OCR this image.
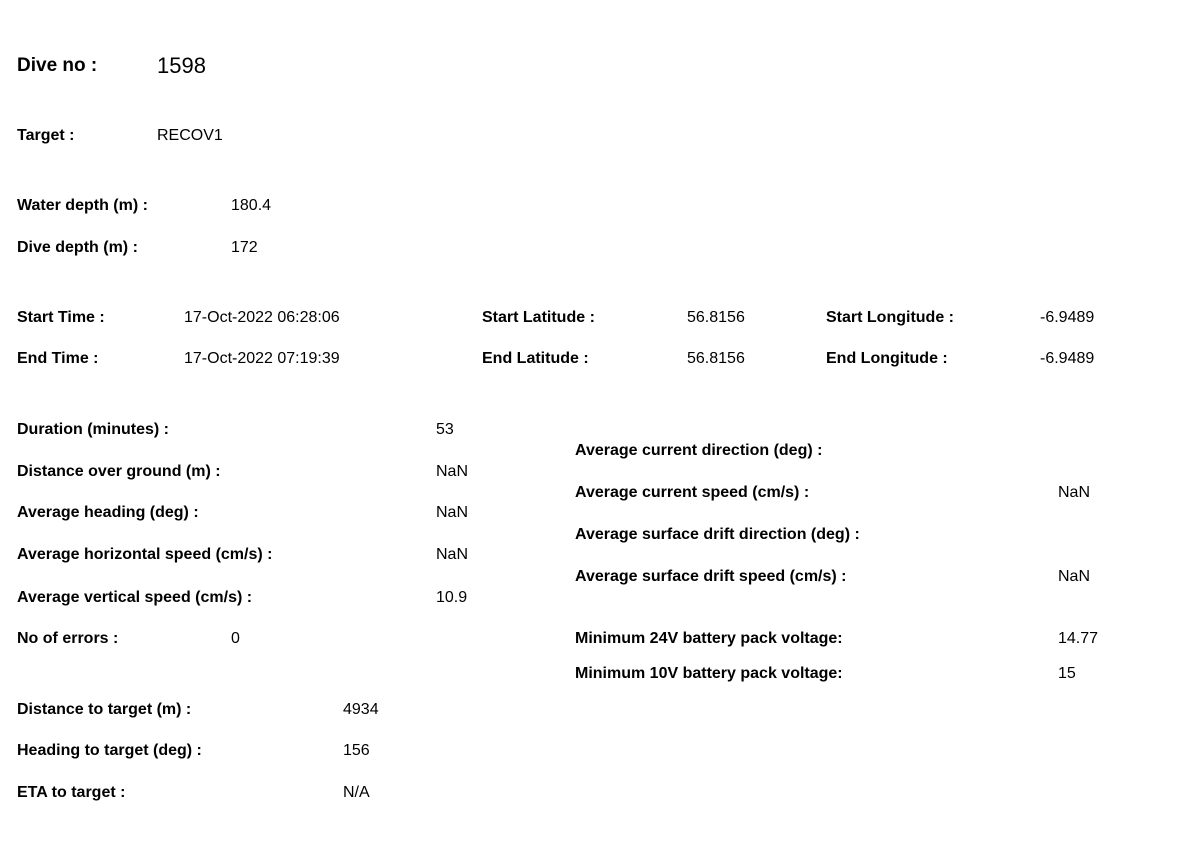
Dive no :	1598
Target :	RECOV1
Water depth (m) :	180.4
Dive depth (m) :	172
Start Time :	17-Oct-2022 06:28:06
End Time :	17-Oct-2022 07:19:39
Start Latitude :	56.8156
End Latitude :	56.8156
Start Longitude :	-6.9489
End Longitude :	-6.9489
Duration (minutes) :	53
Distance over ground (m) :	NaN
Average heading (deg) :	NaN
Average horizontal speed (cm/s) :	NaN
Average vertical speed (cm/s) :	10.9
No of errors :	0
Average current direction (deg) :
Average current speed (cm/s) :	NaN
Average surface drift direction (deg) :
Average surface drift speed (cm/s) :	NaN
Minimum 24V battery pack voltage:	14.77
Minimum 10V battery pack voltage:	15
Distance to target (m) :	4934
Heading to target (deg) :	156
ETA to target :	N/A
